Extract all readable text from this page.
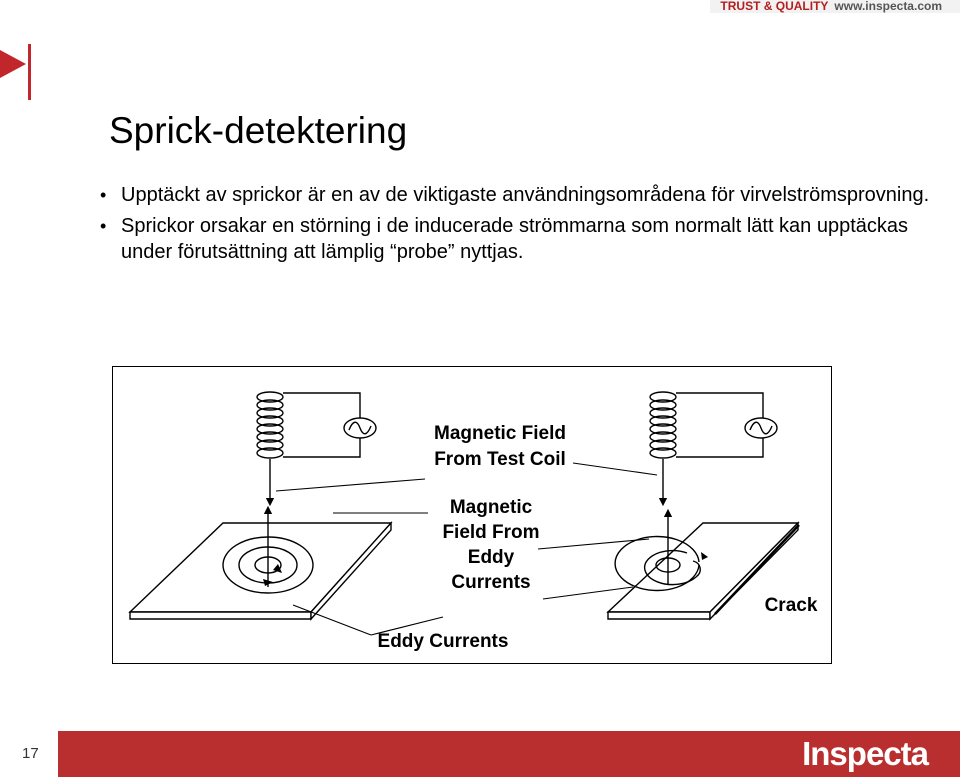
TRUST & QUALITY www.inspecta.com
Sprick-detektering
• Upptäckt av sprickor är en av de viktigaste användningsområdena för virvelströmsprovning.
• Sprickor orsakar en störning i de inducerade strömmarna som normalt lätt kan upptäckas under förutsättning att lämplig “probe” nyttjas.
Magnetic Field
From Test Coil
Magnetic
Field From
Eddy
Currents
Crack
Eddy Currents
17	Inspecta
